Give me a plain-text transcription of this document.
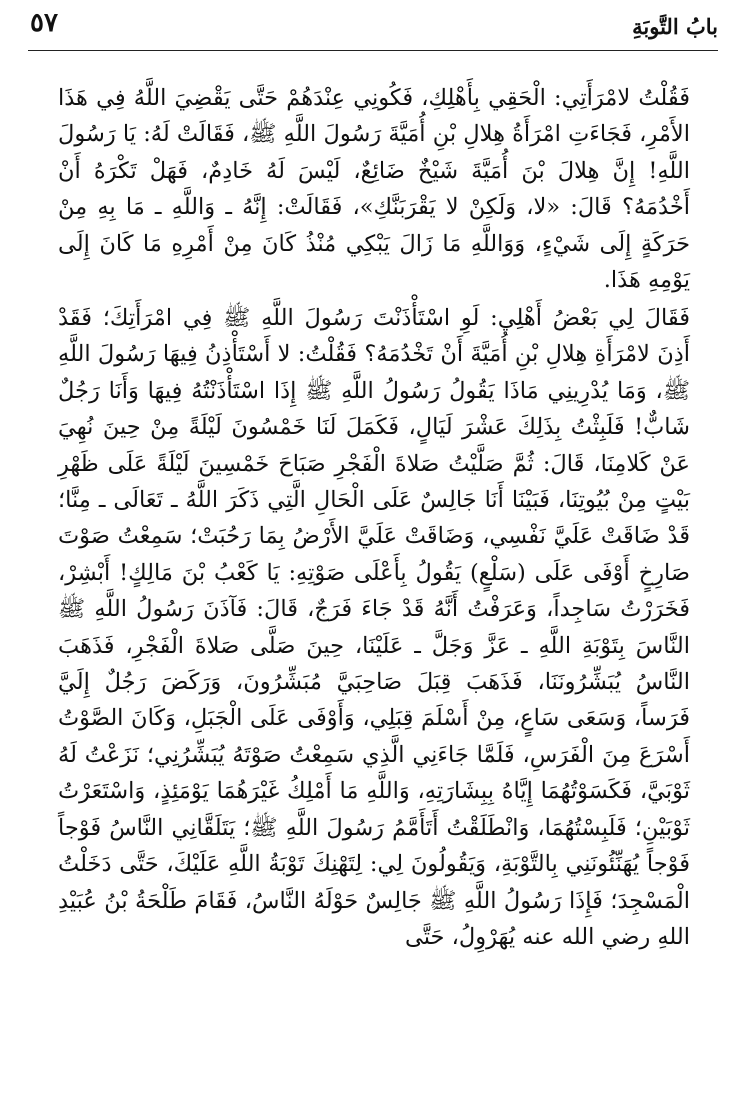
بابُ التَّوبَةِ
٥٧

فَقُلْتُ لامْرَأَتِي: الْحَقِي بِأَهْلِكِ، فَكُونِي عِنْدَهُمْ حَتَّى يَقْضِيَ اللَّهُ فِي هَذَا الأَمْرِ، فَجَاءَتِ امْرَأَةُ هِلالِ بْنِ أُمَيَّةَ رَسُولَ اللَّهِ ﷺ، فَقَالَتْ لَهُ: يَا رَسُولَ اللَّهِ! إِنَّ هِلالَ بْنَ أُمَيَّةَ شَيْخٌ ضَائِعٌ، لَيْسَ لَهُ خَادِمٌ، فَهَلْ تَكْرَهُ أَنْ أَخْدُمَهُ؟ قَالَ: «لا، وَلَكِنْ لا يَقْرَبَنَّكِ»، فَقَالَتْ: إِنَّهُ ـ وَاللَّهِ ـ مَا بِهِ مِنْ حَرَكَةٍ إِلَى شَيْءٍ، وَوَاللَّهِ مَا زَالَ يَبْكِي مُنْذُ كَانَ مِنْ أَمْرِهِ مَا كَانَ إِلَى يَوْمِهِ هَذَا.

فَقَالَ لِي بَعْضُ أَهْلِي: لَوِ اسْتَأْذَنْتَ رَسُولَ اللَّهِ ﷺ فِي امْرَأَتِكَ؛ فَقَدْ أَذِنَ لامْرَأَةِ هِلالِ بْنِ أُمَيَّةَ أَنْ تَخْدُمَهُ؟ فَقُلْتُ: لا أَسْتَأْذِنُ فِيهَا رَسُولَ اللَّهِ ﷺ، وَمَا يُدْرِينِي مَاذَا يَقُولُ رَسُولُ اللَّهِ ﷺ إِذَا اسْتَأْذَنْتُهُ فِيهَا وَأَنَا رَجُلٌ شَابٌّ! فَلَبِثْتُ بِذَلِكَ عَشْرَ لَيَالٍ، فَكَمَلَ لَنَا خَمْسُونَ لَيْلَةً مِنْ حِينَ نُهِيَ عَنْ كَلامِنَا، قَالَ: ثُمَّ صَلَّيْتُ صَلاةَ الْفَجْرِ صَبَاحَ خَمْسِينَ لَيْلَةً عَلَى ظَهْرِ بَيْتٍ مِنْ بُيُوتِنَا، فَبَيْنَا أَنَا جَالِسٌ عَلَى الْحَالِ الَّتِي ذَكَرَ اللَّهُ ـ تَعَالَى ـ مِنَّا؛ قَدْ ضَاقَتْ عَلَيَّ نَفْسِي، وَضَاقَتْ عَلَيَّ الأَرْضُ بِمَا رَحُبَتْ؛ سَمِعْتُ صَوْتَ صَارِخٍ أَوْفَى عَلَى (سَلْعٍ) يَقُولُ بِأَعْلَى صَوْتِهِ: يَا كَعْبُ بْنَ مَالِكٍ! أَبْشِرْ، فَخَرَرْتُ سَاجِداً، وَعَرَفْتُ أَنَّهُ قَدْ جَاءَ فَرَجٌ، قَالَ: فَآذَنَ رَسُولُ اللَّهِ ﷺ النَّاسَ بِتَوْبَةِ اللَّهِ ـ عَزَّ وَجَلَّ ـ عَلَيْنَا، حِينَ صَلَّى صَلاةَ الْفَجْرِ، فَذَهَبَ النَّاسُ يُبَشِّرُونَنَا، فَذَهَبَ قِبَلَ صَاحِبَيَّ مُبَشِّرُونَ، وَرَكَضَ رَجُلٌ إِلَيَّ فَرَساً، وَسَعَى سَاعٍ، مِنْ أَسْلَمَ قِبَلِي، وَأَوْفَى عَلَى الْجَبَلِ، وَكَانَ الصَّوْتُ أَسْرَعَ مِنَ الْفَرَسِ، فَلَمَّا جَاءَنِي الَّذِي سَمِعْتُ صَوْتَهُ يُبَشِّرُنِي؛ نَزَعْتُ لَهُ ثَوْبَيَّ، فَكَسَوْتُهُمَا إِيَّاهُ بِبِشَارَتِهِ، وَاللَّهِ مَا أَمْلِكُ غَيْرَهُمَا يَوْمَئِذٍ، وَاسْتَعَرْتُ ثَوْبَيْنِ؛ فَلَبِسْتُهُمَا، وَانْطَلَقْتُ أَتَأَمَّمُ رَسُولَ اللَّهِ ﷺ؛ يَتَلَقَّانِي النَّاسُ فَوْجاً فَوْجاً يُهَنِّئُونَنِي بِالتَّوْبَةِ، وَيَقُولُونَ لِي: لِتَهْنِكَ تَوْبَةُ اللَّهِ عَلَيْكَ، حَتَّى دَخَلْتُ الْمَسْجِدَ؛ فَإِذَا رَسُولُ اللَّهِ ﷺ جَالِسٌ حَوْلَهُ النَّاسُ، فَقَامَ طَلْحَةُ بْنُ عُبَيْدِ اللهِ رضي الله عنه يُهَرْوِلُ، حَتَّى
